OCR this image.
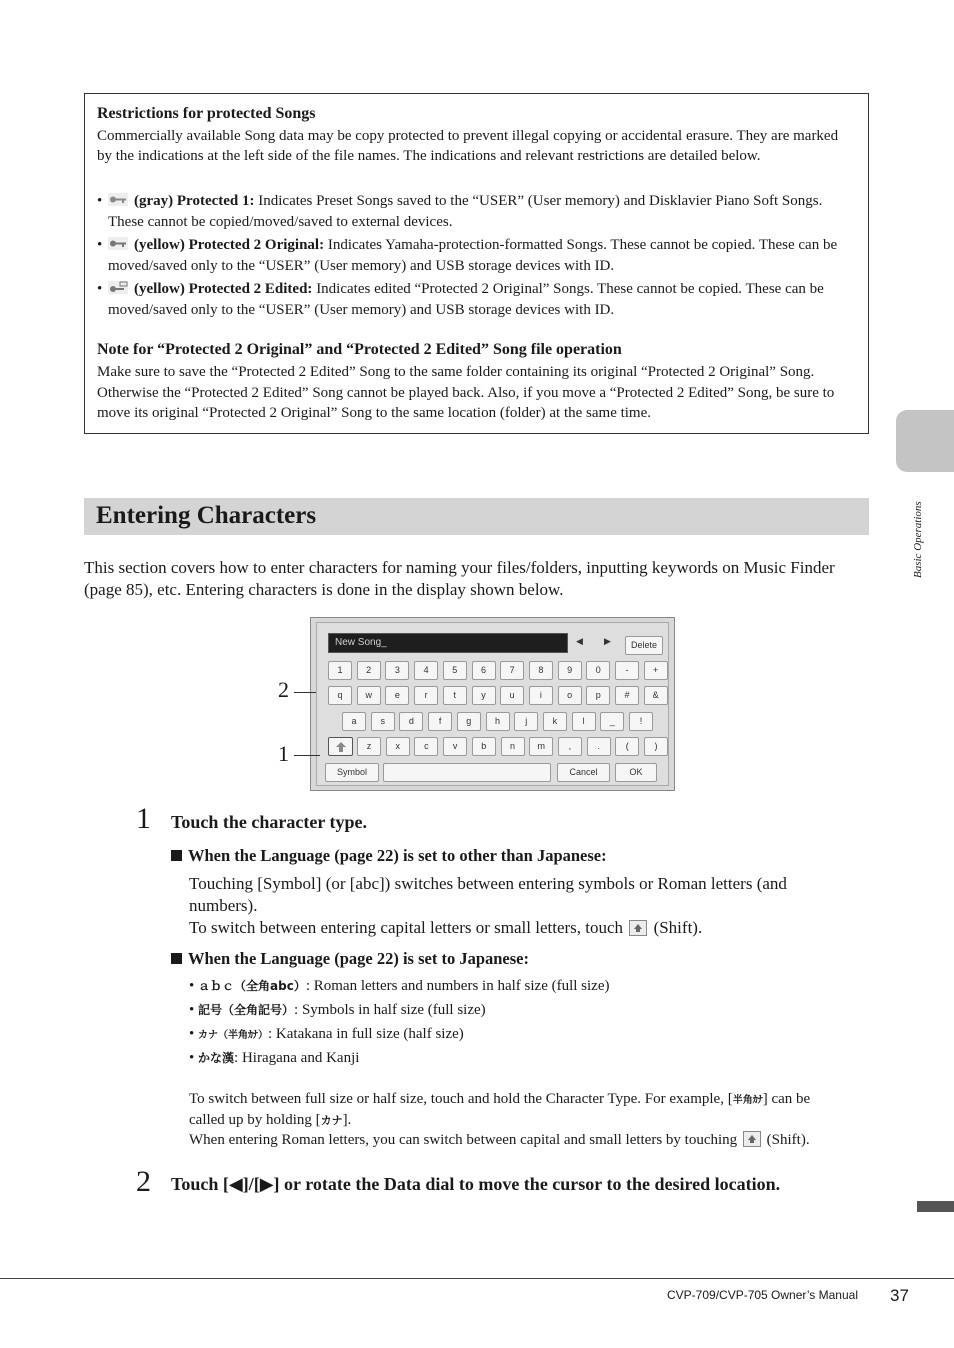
Restrictions for protected Songs
Commercially available Song data may be copy protected to prevent illegal copying or accidental erasure. They are marked by the indications at the left side of the file names. The indications and relevant restrictions are detailed below.
• (gray) Protected 1: Indicates Preset Songs saved to the “USER” (User memory) and Disklavier Piano Soft Songs. These cannot be copied/moved/saved to external devices.
• (yellow) Protected 2 Original: Indicates Yamaha-protection-formatted Songs. These cannot be copied. These can be moved/saved only to the “USER” (User memory) and USB storage devices with ID.
• (yellow) Protected 2 Edited: Indicates edited “Protected 2 Original” Songs. These cannot be copied. These can be moved/saved only to the “USER” (User memory) and USB storage devices with ID.
Note for “Protected 2 Original” and “Protected 2 Edited” Song file operation
Make sure to save the “Protected 2 Edited” Song to the same folder containing its original “Protected 2 Original” Song. Otherwise the “Protected 2 Edited” Song cannot be played back. Also, if you move a “Protected 2 Edited” Song, be sure to move its original “Protected 2 Original” Song to the same location (folder) at the same time.
Entering Characters	Basic Operations
This section covers how to enter characters for naming your files/folders, inputting keywords on Music Finder (page 85), etc. Entering characters is done in the display shown below.
New Song_	◀ ▶	Delete
Symbol	Cancel	OK
1	2	3	4	5	6	7	8	9	0	-	+
q	w	e	r	t	y	u	i	o	p	#	&
a	s	d	f	g	h	j	k	l	_	!
z	x	c	v	b	n	m	,	.	(	)
2
1
1 Touch the character type.
When the Language (page 22) is set to other than Japanese:
Touching [Symbol] (or [abc]) switches between entering symbols or Roman letters (and numbers).
To switch between entering capital letters or small letters, touch (Shift).
When the Language (page 22) is set to Japanese:
• ａｂｃ（全角abc）: Roman letters and numbers in half size (full size)
• 記号（全角記号）: Symbols in half size (full size)
• カナ（半角ｶﾅ）: Katakana in full size (half size)
• かな漢: Hiragana and Kanji
To switch between full size or half size, touch and hold the Character Type. For example, [半角ｶﾅ] can be
called up by holding [カナ].
When entering Roman letters, you can switch between capital and small letters by touching (Shift).
2 Touch [◀]/[▶] or rotate the Data dial to move the cursor to the desired location.
CVP-709/CVP-705 Owner’s Manual 37
